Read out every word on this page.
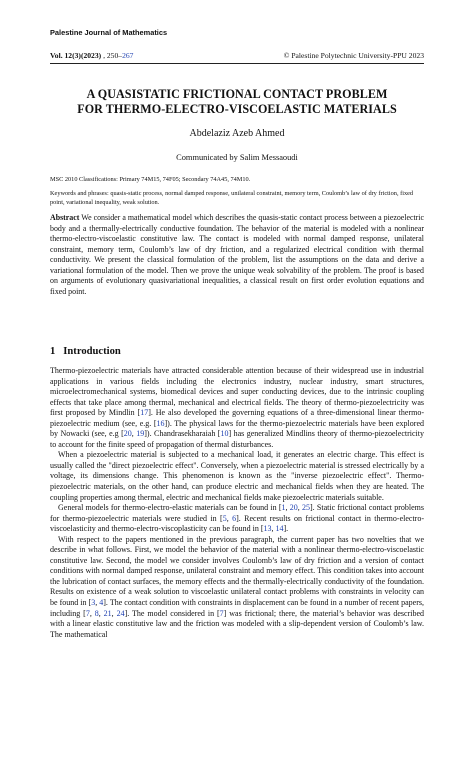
Palestine Journal of Mathematics
Vol. 12(3)(2023) , 250–267	© Palestine Polytechnic University-PPU 2023
A QUASISTATIC FRICTIONAL CONTACT PROBLEM
FOR THERMO-ELECTRO-VISCOELASTIC MATERIALS
Abdelaziz Azeb Ahmed
Communicated by Salim Messaoudi
MSC 2010 Classifications: Primary 74M15, 74F05; Secondary 74A45, 74M10.
Keywords and phrases: quasis-static process, normal damped response, unilateral constraint, memory term, Coulomb’s law of dry friction, fixed point, variational inequality, weak solution.
Abstract We consider a mathematical model which describes the quasis-static contact process between a piezoelectric body and a thermally-electrically conductive foundation. The behavior of the material is modeled with a nonlinear thermo-electro-viscoelastic constitutive law. The contact is modeled with normal damped response, unilateral constraint, memory term, Coulomb’s law of dry friction, and a regularized electrical condition with thermal conductivity. We present the classical formulation of the problem, list the assumptions on the data and derive a variational formulation of the model. Then we prove the unique weak solvability of the problem. The proof is based on arguments of evolutionary quasivariational inequalities, a classical result on first order evolution equations and fixed point.
1 Introduction

Thermo-piezoelectric materials have attracted considerable attention because of their widespread use in industrial applications in various fields including the electronics industry, nuclear industry, smart structures, microelectromechanical systems, biomedical devices and super conducting devices, due to the intrinsic coupling effects that take place among thermal, mechanical and electrical fields. The theory of thermo-piezoelectricity was first proposed by Mindlin [17]. He also developed the governing equations of a three-dimensional linear thermo-piezoelectric medium (see, e.g. [16]). The physical laws for the thermo-piezoelectric materials have been explored by Nowacki (see, e.g [20, 19]). Chandrasekharaiah [10] has generalized Mindlins theory of thermo-piezoelectricity to account for the finite speed of propagation of thermal disturbances.

When a piezoelectric material is subjected to a mechanical load, it generates an electric charge. This effect is usually called the "direct piezoelectric effect". Conversely, when a piezoelectric material is stressed electrically by a voltage, its dimensions change. This phenomenon is known as the "inverse piezoelectric effect". Thermo-piezoelectric materials, on the other hand, can produce electric and mechanical fields when they are heated. The coupling properties among thermal, electric and mechanical fields make piezoelectric materials suitable.

General models for thermo-electro-elastic materials can be found in [1, 20, 25]. Static frictional contact problems for thermo-piezoelectric materials were studied in [5, 6]. Recent results on frictional contact in thermo-electro-viscoelasticity and thermo-electro-viscoplasticity can be found in [13, 14].

With respect to the papers mentioned in the previous paragraph, the current paper has two novelties that we describe in what follows. First, we model the behavior of the material with a nonlinear thermo-electro-viscoelastic constitutive law. Second, the model we consider involves Coulomb’s law of dry friction and a version of contact conditions with normal damped response, unilateral constraint and memory effect. This condition takes into account the lubrication of contact surfaces, the memory effects and the thermally-electrically conductivity of the foundation. Results on existence of a weak solution to viscoelastic unilateral contact problems with constraints in velocity can be found in [3, 4]. The contact condition with constraints in displacement can be found in a number of recent papers, including [7, 8, 21, 24]. The model considered in [7] was frictional; there, the material’s behavior was described with a linear elastic constitutive law and the friction was modeled with a slip-dependent version of Coulomb’s law. The mathematical
